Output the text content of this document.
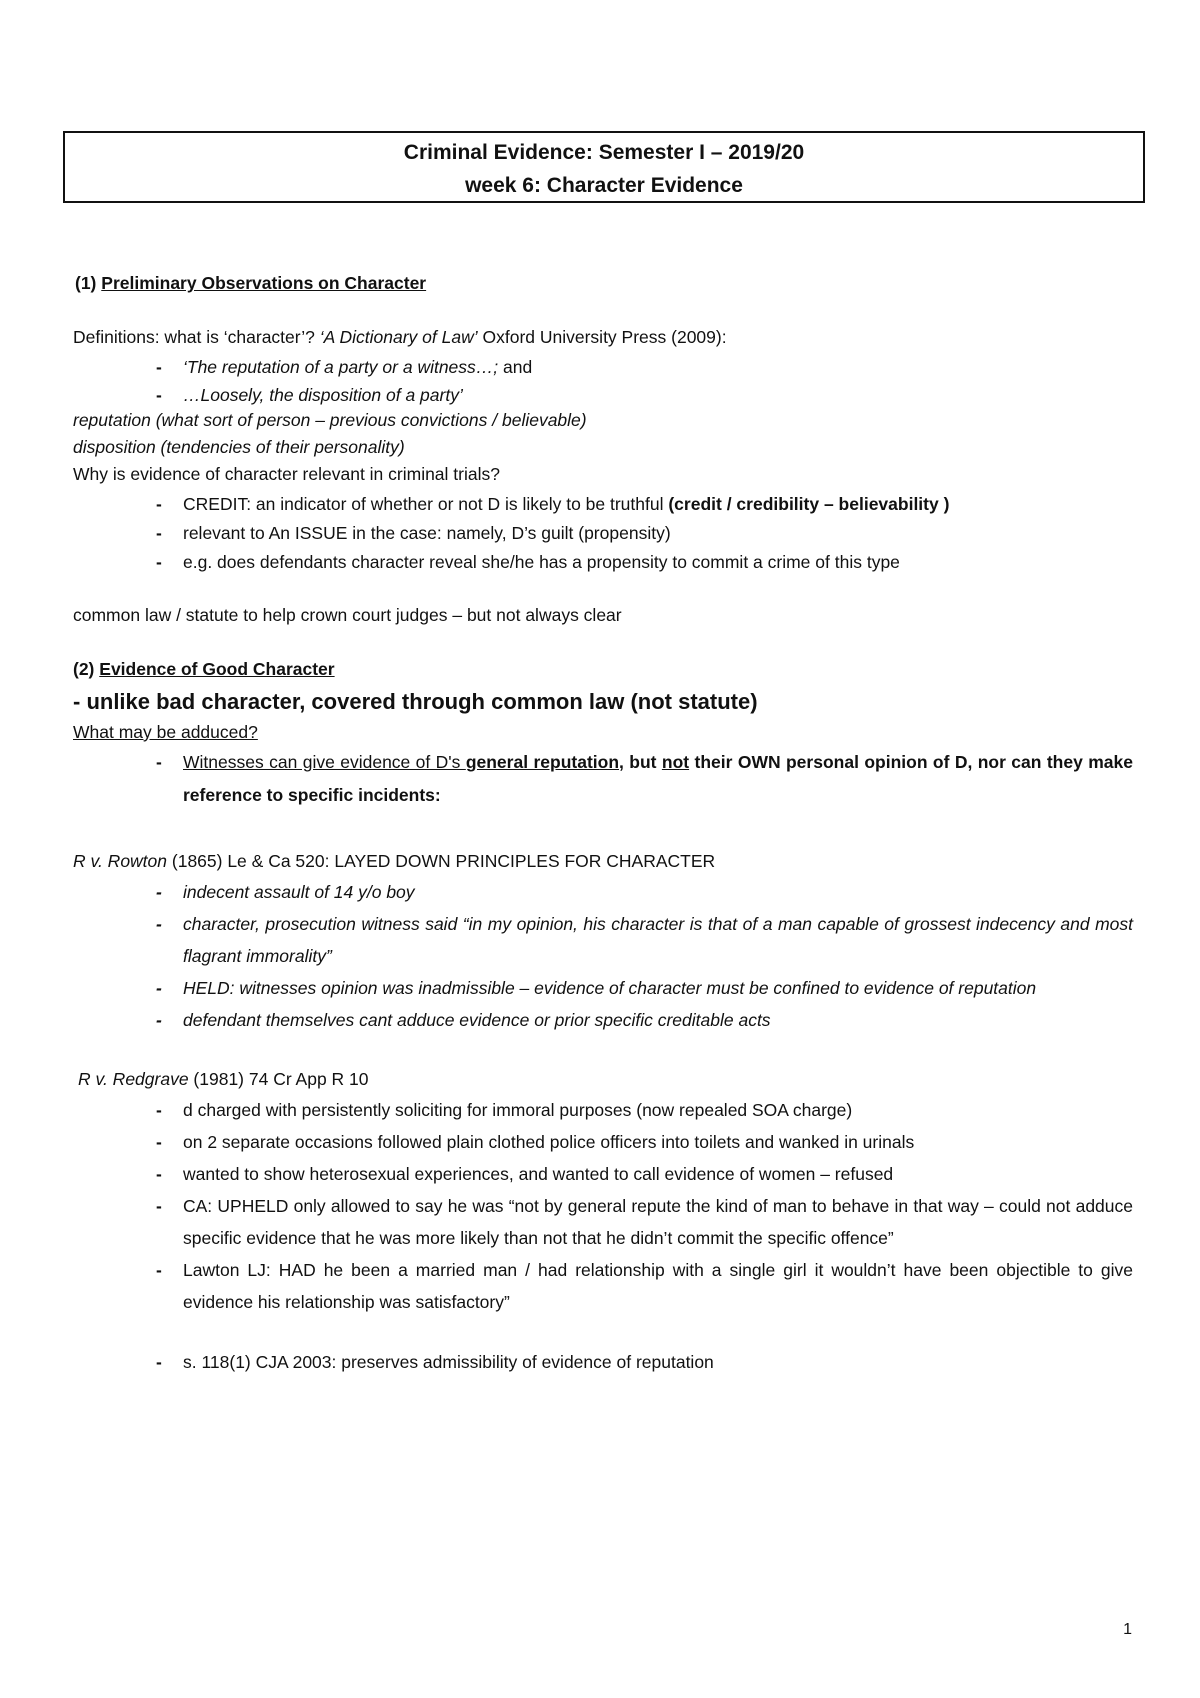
Criminal Evidence: Semester I – 2019/20
week 6: Character Evidence
(1) Preliminary Observations on Character
Definitions: what is ‘character’? ‘A Dictionary of Law’ Oxford University Press (2009):
- ‘The reputation of a party or a witness…; and
- …Loosely, the disposition of a party’
reputation (what sort of person – previous convictions / believable)
disposition (tendencies of their personality)
Why is evidence of character relevant in criminal trials?
- CREDIT: an indicator of whether or not D is likely to be truthful (credit / credibility – believability )
- relevant to An ISSUE in the case: namely, D’s guilt (propensity)
- e.g. does defendants character reveal she/he has a propensity to commit a crime of this type
common law / statute to help crown court judges – but not always clear
(2) Evidence of Good Character
- unlike bad character, covered through common law (not statute)
What may be adduced?
- Witnesses can give evidence of D's general reputation, but not their OWN personal opinion of D, nor can they make reference to specific incidents:
R v. Rowton (1865) Le & Ca 520: LAYED DOWN PRINCIPLES FOR CHARACTER
- indecent assault of 14 y/o boy
- character, prosecution witness said “in my opinion, his character is that of a man capable of grossest indecency and most flagrant immorality”
- HELD: witnesses opinion was inadmissible – evidence of character must be confined to evidence of reputation
- defendant themselves cant adduce evidence or prior specific creditable acts
R v. Redgrave (1981) 74 Cr App R 10
- d charged with persistently soliciting for immoral purposes (now repealed SOA charge)
- on 2 separate occasions followed plain clothed police officers into toilets and wanked in urinals
- wanted to show heterosexual experiences, and wanted to call evidence of women – refused
- CA: UPHELD only allowed to say he was “not by general repute the kind of man to behave in that way – could not adduce specific evidence that he was more likely than not that he didn’t commit the specific offence”
- Lawton LJ: HAD he been a married man / had relationship with a single girl it wouldn’t have been objectible to give evidence his relationship was satisfactory”
- s. 118(1) CJA 2003: preserves admissibility of evidence of reputation
1
